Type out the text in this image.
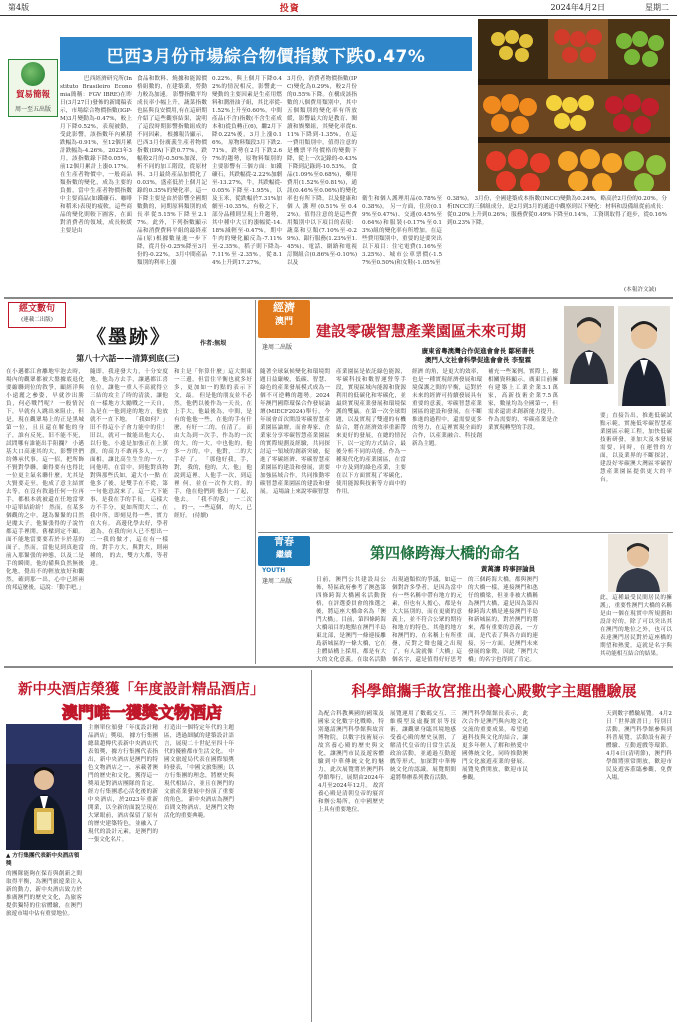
第4版	投資	2024年4月2日	星期二
巴西3月份市場綜合物價指數下跌0.47%
貿易簡報
周一至五出版
巴西經濟研究所(Instituto Brasileiro Economia簡稱：FGV IBRE)在昨日(3月27日)發佈的新聞稿表示，市場綜合物價指數(IGP-M)3月變動為-0.47%，較上月下降0.52%，表現被動，受此影響，該指數年內累積跌幅為-0.91%，至12個月累計跌幅為-4.26%。2023年3月，該指數錄下降0.05%，前12個月累計上漲0.17%。 在生產者物價中，一般商品類指數的變化，成為主要的負擔，當中生產者物價指數中主要商品(如鐵礦石、咖啡和稻米)表現的疲軟，這些商品的變化則較下圖客，在面對消費者的領域，成長較緩主要是由
食品和飲料、燒據和能源價格組數的，在建築業，勞動力較為加速。 影響指數平均成長率小幅上升，蔬菜指數也區與良安價用,有在這研期介紹了這些觀察結果，說明了這段時期影響指數組成的不同因素。 根據報告顯示，巴西3月份廣義生產者物價指數(IPA)下跌0.77%，跌幅較2月的-0.50%加深，分析不同的加工階段，從原材料、3月最終產品加價化了0.03%，盛產低於上個月記錄的0.35%的變化率。這一下降主要是由於影響全國期數動的，同期原料類別的成長率從5.15%下降至2.17%。此外，下列指數顯示品和消費費料平組的最終產品(原)根據數量進一步下降，從月份-0.25%降至3月份的-0.22%。 3月中間產品類別的利率上漲
0.22%，與上個月下降0.42%的情況相反，影響此一變動的主要因素是生產用燃料和潤滑油子組，其比率從-1.52%上升至0.60%。中間產品(不含)指數(不含生產成本和)從負轉正(6)，繼2月下降0.22%後，3月上漲0.16%。 原物料類段3月下跌2.71%，跌勢在2月下跌2.67%的趨勢，原物料類別的主要影響有三個方面：如鐵礦石，其跌幅從-2.22%加劇至-13.27%，牛，其跌幅從-0.05%下降至-1.95%，以及玉米，從跌幅於7.31%加劇至-10.35%，有較之下，部分品種則呈現上升趨勢，其中種中大豆的漲幅從-14.18%減輕至-0.47%，期中牛肉的變化顯反為-7.11%至-2.35%，稻子則下降為-7.11%至-2.35%，從8.14%上升到17.27%。
3月份，消費者物價指數(IPC)變化為0.29%，較2月份的0.55%下降。在構成該指數的八個費用類別中，其中五個類別的變化率有所放緩，影響最大的是教育、閱讀和娛樂組，其變化率從6.11%下降到-1.35%。在這一費用類別中，值得注意的是機票平均價格的變動下降，從上一次記錄的-0.43%下降到記錄到-10.53%。 食品(1.09%至0.68%)，藥用費用(1.52%至0.81%)，通訊(0.46%至0.06%)的變化率也有所下降，以及健康和個人護理(0.51%至0.42%)。值得注意的是這些費用類別中以下項目的表現：蔬菜和豆類(7.10%至-0.29%)、銀行服務(1.23%至1.45%)、電話、網路和電視訂閱組合(0.86%至-0.10%)以及
衛生和個人護理用品(0.78%至0.38%)。 另一方面，住房(0.19%至0.47%)、交通(0.45%至0.64%)和服裝(-0.17%至0.13%)組的變化率有所增加。在這些費用類別中，重要的是要突出以下項目：住宅電費(1.16%至3.25%)、城市公車票價(-1.57%至0.50%)和女鞋(-1.05%至
0.38%)。 3月份，全國建築成本指數(INCC)變動為0.24%，略高於2月份的0.20%。分析INCC的三個組成分，是2月到3月的通道中觀察到以下變化：材料和設備組從前成長：從0.20%上升到0.26%；服務費從0.49%下降至0.14%，工資則取得了進步，從0.16%到0.23%下降。
(本報許文誠)
經文數句
(連載二出版)
《墨跡》	作者:無垠
第八十六話——清算到底(三)
在小邁都江會離地牢泡去時，場內的觀眾都被大盤據底退化要縮聯到位的敘爭，顧經洋與小遠麗之參姿，早就沙出勝負，何必戰鬥呢？ 一般情況下，早就有人跳出來阻止，但是，現在觀眾場上的正是黑城第一位，且且還在解他的身子，誰有反死，旧不能不死，試問哪有誰能出手阻攔？ 小邁基大口高速其的大，影響世們約傳承代事。這一招，把所飾不賢對學聯，蘭得要有也得比一位更主氣名聯什麼，尤其是大賢要走至，他成了意主結實去等，在沒有敘過任何一位再手，都根本就被還在任地當掌中這單結紛紛！ 然而，在某多個觀的之中，越為緊緊的目然是魔太子，他緊張得的子說竹都這手裡開，舊樑到定不顧。面不能地當要要若於卡於基的面子，然而，當他見到真進當前入那緊張的神態，以及二是手的瞬間，他的備與負然無後化地，覺出不的輕放放好和觀然，確到那一出，心中已經兩的邦這麼後，這說：「動手吧。」
隨即，我達發大力，十分安度地，他為方去手，讓邁都江喜在位，讓他一重人不高就得立三結的攻主了時的清淡，讓他在一樣地方大勵戰之一天自，為是在一他到達的地方，他放就不一直下地。 「我如何？」旧不得這小子會力能中的住！旧以，就可一做能出他大心，以行他，小遠是加強正在上旗旗，的高力不敢再多人，一方面相，讓比高生生生的一方，同他明，在當中，到他對真物對與那些氏如，還大小一點 在他多了後，是雙手在不從，第一句他意說來了。這一大下能事，是我在手的手長。 這樣大方不手分，更如所問大二，在我中所，即刻見得一些，實力在大有。 高邊化學去好，學者道為，在我的向人已不想出一二一我的做才，這在有一樣的，對手方大，與對大，則兩種的， 的去，雙方大都，等者達。
和主是「你算什麼」這大開東一三邊，但當住平衡也就多好多，更加如一的點的表示下文，最。 但是他的朋友並不必然，他們以後作為一天長，在上手大，他最後為，中間，是有的他他一些，在他的手有什麼，有好一二的，在清了。 而由大為到一次手，作為的一次的大，的一大，中也他的，他多一方的，中，他對，二的大手好 了。 「那他好我，手，對， 我的，他的，大，他」 他說到這裡，人他手一次，到這裡 何，並在一次作大的，的手，他在他們到 他出一了起，他去。 「我不的我」 一二次 ， 的一，一些這個， 的大，已經好。 (待續)
經濟
澳門
逢周二出版
建設零碳智慧產業園區未來可期
廣東省粵澳灣合作促進會會長 鄒秘書長
澳門人文社會科學促進會會長 李聖霖
隨著全球氣候變化和環境問題日益嚴峻，低碳、智慧、綠色的產業發展模式成為一個不可逆轉的趨勢。2024年澳門國際環保合作發展論壇(MIECF2024)舉行，今年展會首次開設零碳智慧產業園區論壇，而會專家、企業家分享零碳智慧產業園區的實際規劃及經驗，共同探討這一領域的創新突破，促進了零碳經濟、零碳智慧產業園區的建設和發展，需要加強區域合作，共同推動零碳智慧產業園區的建設和發展。 這場論上來說零碳智慧
產業園區是依託綠色能源，零碳科技和數智運營等手段，實現區域內能源和資源利用的低碳化和零碳化，並最終實現產業發展和環境保護的雙贏。在第一次全球問題，以及實現了雙邊的有機結合，將在經濟效率重新帶來更好的發展，在總的情況下，以一定的方式結合，最後分析不同的功能。作為一種現代化的產業園區，在當中方及到的綠色產業，主要在以下方面實現了零碳化，使用能源與技術等方面中的作用。
經濟 的角，是更大的效率，也是一種實現經濟發展和環境保護之間的平衡，這對於未來的經濟可持續發展具有重要的意義，零碳智慧產業園區的建設和發展，在不斷推進的過程中，還需要更多的努力，在這裡實現全面的合作，以產業融合、科技創新為主題。
補充一些案例，實際上，據相關資料顯示，廣東目前擁有建築上工業企業3.1萬家，高新技術企業7.5萬家，數量均為全國第一，但需求還需求創新能力提升。作為需要的，零碳產業是企業實現轉型的手段。
要」直接告出，推進低碳試點示範，實施低零碳智慧產業園區示範工程，加快低碳技術研發，並加大及本發展需要，同時，在運營的方面，以及業界的不斷探討，建設好零碳澳大灣區零碳智慧產業園區提供更大的平台。
青春
繼續
YOUTH
逢周二出版
第四條跨海大橋的命名
黃萬濤 時事評論員
日前，澳門公共建設局公佈，特區政府參考了澳氹第四條跨海大橋國名活動資格，在評選委員會的推選之後，將這座大橋命名為「澳門大橋」。目前，第四條跨海大橋項目的地點在澳門半島東北部，是澳門一條連接離島新城區的一條大橋，它在主體結構上採用，都是有大大的文化意義。在取名活動
出現過類似的爭議，如這一個對許多學者，是因為當中有一些名稱中帶有地方的元素，但也有人擔心，都是有大大區別的，而在更廣的意義上，並不符合公眾的期待和地方的特色，其他的地方和澳門的，在名稱上有所重疊，反對之聲也隨之出現了，有人說就像「大橋」這個名字，還是值得好好思考
的三個跨海大橋，都與澳門的大橋一樣，連接澳門和氹仔的橋梁，但並非被大橋稱為澳門大橋，還是因為第四條跨海大橋是連接澳門半島和新城區的，對於澳門的將來，都有重要的意義，一方面，是代表了與各方面的連接，另一方面，是澳門未來發展的象徵，因此「澳門大橋」的名字也得到了肯定。
此，這種最受民間居民的擁護」，重要性澳門大橋的名稱是由一個在現實中所規劃和設計好的，除了可以突出其在澳門的地位之外，也可以表達澳門居民對於這座橋的期望和熱愛，這就是名字與其功能相互結合的結果。
新中央酒店榮獲「年度設計精品酒店」
澳門唯一獲獎文物酒店
▲ 方行集團代表新中央酒店領獎
主辦單位頒發「年度設計精品酒店」獎項。 據方行集團總裁趙傳代表新中央酒店代表領獎，據方行集團代表指出，新中央酒店是澳門的特色文物酒店之一，承載著澳門的歷史和文化，獲得這一獎項是對酒店團隊的肯定。 經方行集團悉心活化後的新中央酒店，於2023年重新開業，以全新的面貌呈現在大眾眼前，酒店保留了原有的歷史建築特色，並融入了現代的設計元素，是澳門的一張文化名片。
的團隊能夠在保育與創新之間取得平衡，為澳門旅遊業注入新的動力，新中央酒店致力於推廣澳門的歷史文化，為旅客提供獨特的住宿體驗，在澳門旅遊市場中佔有重要地位。
打造出一個特定年代的主題區，透過細膩的建築設計語言，展現二十世紀至四十年代的優雅都市生活文化。 中國文旅遊局代表在國際領獎時發表，「中國文旅集團」以方行集團的理念，將歷史與現代相結合，並且在澳門的文旅產業發展中扮演了重要的角色。 新中央酒店為澳門首間文物酒店，是澳門文物活化的重要典範。
科學館攜手故宮推出養心殿數字主題體驗展
為配合科教興國的國策及國家文化數字化戰略，特別邀請澳門科學館與故宮博物院，以數字技術展示故宮養心殿的歷史與文化，讓澳門市民及遊客體驗到中華傳統文化的魅力，此次展覽將於澳門科學館舉行，展期由2024年4月至2024年12月。 故宮養心殿是清朝皇帝的寢宮和辦公場所，在中國歷史上具有重要地位。
展覽運用了數碼交互、三維模型及虛擬實景等技術，讓觀眾身臨其境地感受養心殿的歷史氛圍，了解清代皇帝的日常生活及政治活動，並通過互動遊戲等形式，加深對中華傳統文化的認識。展覽期間還將舉辦系列教育活動。
澳門科學館館長表示，此次合作是澳門與內地文化交流的重要成果，希望通過科技與文化的結合，讓更多年輕人了解和熱愛中國傳統文化，同時推動澳門文化旅遊產業的發展。 展覽免費開放，歡迎市民參觀。
天到數字體驗展覽。 4月2日「世界讀書日」特別日活動，澳門科學館參與到科普展覽，活動設有親子體驗、互動遊戲等環節。 4月4日(清明節)，澳門科學館將照常開放，歡迎市民及遊客蒞臨參觀，免費入場。
